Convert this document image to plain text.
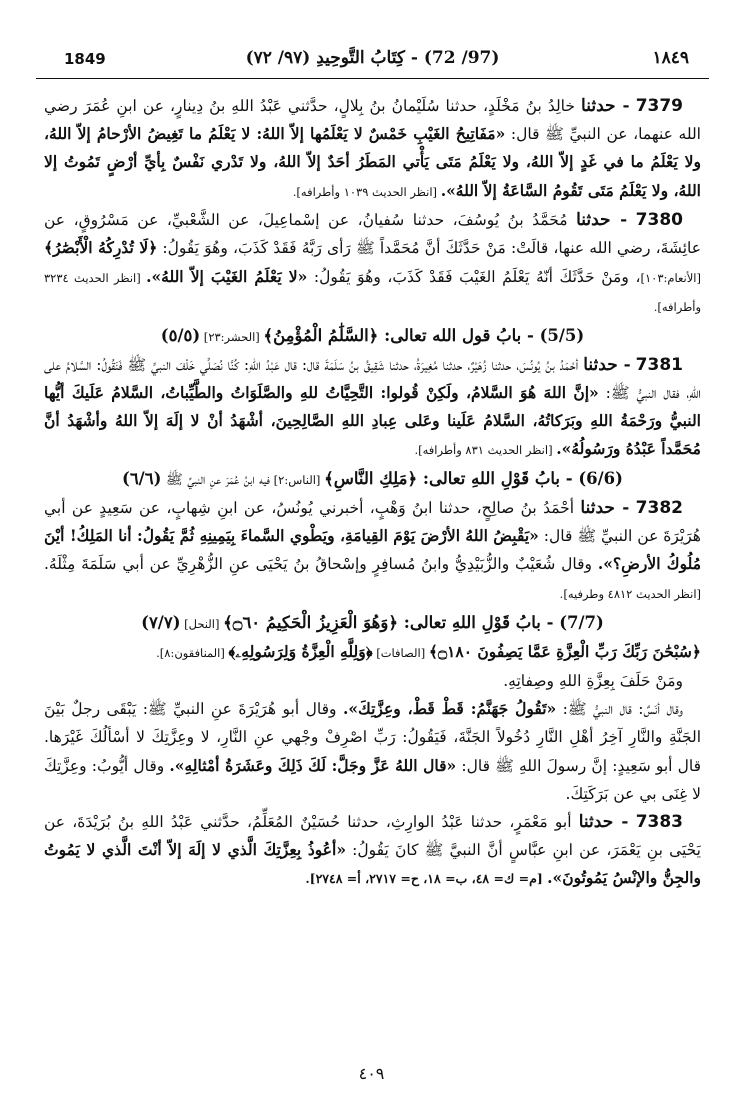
1849	(97/ 72) - كِتَابُ التَّوحِيدِ (٩٧/ ٧٢)	١٨٤٩

7379 - حدثنا خالِدُ بنُ مَخْلَدٍ، حدثنا سُلَيْمانُ بنُ بِلالٍ، حدَّثني عَبْدُ اللهِ بنُ دِينارٍ، عن ابنِ عُمَرَ رضي الله عنهما، عن النبيِّ ﷺ قال: «مَفَاتِيحُ الغَيْبِ خَمْسٌ لا يَعْلَمُها إلاّ اللهُ: لا يَعْلَمُ ما تَغِيضُ الأرْحامُ إلاّ اللهُ، ولا يَعْلَمُ ما في غَدٍ إلاّ اللهُ، ولا يَعْلَمُ مَتَى يَأْتي المَطَرُ أحَدٌ إلاّ اللهُ، ولا تَدْري نَفْسٌ بِأيِّ أرْضٍ تَمُوتُ إلا اللهُ، ولا يَعْلَمُ مَتَى تَقُومُ السَّاعَةُ إلاّ اللهُ». [انظر الحديث ١٠٣٩ وأطرافه].

7380 - حدثنا مُحَمَّدُ بنُ يُوسُفَ، حدثنا سُفيانُ، عن إسْماعِيلَ، عن الشَّعْبيِّ، عن مَسْرُوقٍ، عن عائِشَةَ، رضي الله عنها، قالَتْ: مَنْ حَدَّثَكَ أنَّ مُحَمَّداً ﷺ رَأى رَبَّهُ فَقَدْ كَذَبَ، وهُوَ يَقُولُ: ﴿لَا تُدْرِكُهُ الْأَبْصَٰرُ﴾ [الأنعام:١٠٣]، ومَنْ حَدَّثَكَ أنّهُ يَعْلَمُ الغَيْبَ فَقَدْ كَذَبَ، وهُوَ يَقُولُ: «لا يَعْلَمُ الغَيْبَ إلاّ اللهُ». [انظر الحديث ٣٢٣٤ وأطرافه].

(5/5) - بابُ قول الله تعالى: ﴿السَّلَٰمُ الْمُؤْمِنُ﴾ [الحشر:٢٣] (٥/٥)

7381 - حدثنا أحْمَدُ بنُ يُونُسَ، حدثنا زُهَيْرٌ، حدثنا مُغِيرَةُ، حدثنا شَقِيقُ بنُ سَلَمَةَ قال: قال عَبْدُ اللهِ: كُنَّا نُصَلِّي خَلْفَ النبيِّ ﷺ فَنَقُولُ: السَّلامُ على اللهِ، فقال النبيُّ ﷺ: «إنَّ اللهَ هُوَ السَّلامُ، ولَكِنْ قُولوا: التَّحِيَّاتُ للهِ والصَّلَوَاتُ والطَّيِّباتُ، السَّلامُ عَلَيكَ أيُّها النبيُّ ورَحْمَةُ اللهِ وبَرَكاتُهُ، السَّلامُ عَلَينا وعَلى عِبادِ اللهِ الصَّالِحِينَ، أشْهَدُ أنْ لا إلَهَ إلاّ اللهُ وأشْهَدُ أنَّ مُحَمَّداً عَبْدُهُ ورَسُولُهُ». [انظر الحديث ٨٣١ وأطرافه].

(6/6) - بابُ قَوْلِ اللهِ تعالى: ﴿مَلِكِ النَّاسِ﴾ [الناس:٢] فيه ابنُ عُمَرَ عنِ النبيِّ ﷺ (٦/٦)

7382 - حدثنا أحْمَدُ بنُ صالِحٍ، حدثنا ابنُ وَهْبٍ، أخبرني يُونُسُ، عن ابنِ شِهابٍ، عن سَعِيدٍ عن أبي هُرَيْرَةَ عن النبيِّ ﷺ قال: «يَقْبِضُ اللهُ الأرْضَ يَوْمَ القِيامَةِ، ويَطْوي السَّماءَ بِيَمِينِهِ ثُمَّ يَقُولُ: أنا المَلِكُ! أيْنَ مُلُوكُ الأرضِ؟». وقال شُعَيْبٌ والزُّبَيْدِيُّ وابنُ مُسافِرٍ وإسْحاقُ بنُ يَحْيَى عنِ الزُّهْرِيِّ عن أبي سَلَمَةَ مِثْلَهُ. [انظر الحديث ٤٨١٢ وطرفيه].

(7/7) - بابُ قَوْلِ اللهِ تعالى: ﴿وَهُوَ الْعَزِيزُ الْحَكِيمُ ۝٦٠﴾ [النحل] (٧/٧)

﴿سُبْحَٰنَ رَبِّكَ رَبِّ الْعِزَّةِ عَمَّا يَصِفُونَ ۝١٨٠﴾ [الصافات] ﴿وَلِلَّهِ الْعِزَّةُ وَلِرَسُولِهِۦ﴾ [المنافقون:٨].

ومَنْ حَلَفَ بِعِزَّةِ اللهِ وصِفاتِهِ.

وقال أنَسٌ: قال النبيُّ ﷺ: «تَقُولُ جَهَنَّمُ: قَطْ قَطْ، وعِزَّتِكَ». وقال أبو هُرَيْرَةَ عنِ النبيِّ ﷺ: يَبْقَى رجلٌ بَيْنَ الجَنَّةِ والنَّارِ آخِرُ أهْلِ النَّارِ دُخُولاً الجَنَّةَ، فَيَقُولُ: رَبِّ اصْرِفْ وجْهي عنِ النَّارِ، لا وعِزَّتِكَ لا أسْألُكَ غَيْرَها. قال أبو سَعِيدٍ: إنَّ رسولَ اللهِ ﷺ قال: «قال اللهُ عَزَّ وجَلَّ: لَكَ ذَلِكَ وعَشَرَةُ أمْثالِهِ». وقال أيُّوبُ: وعِزَّتِكَ لا غِنَى بي عن بَرَكَتِكَ.

7383 - حدثنا أبو مَعْمَرٍ، حدثنا عَبْدُ الوارِثِ، حدثنا حُسَيْنٌ المُعَلِّمُ، حدَّثني عَبْدُ اللهِ بنُ بُرَيْدَةَ، عن يَحْيَى بنِ يَعْمَرَ، عن ابنِ عبَّاسٍ أنَّ النبيَّ ﷺ كانَ يَقُولُ: «أعُوذُ بِعِزَّتِكَ الَّذي لا إلَهَ إلاّ أنْتَ الَّذي لا يَمُوتُ والجِنُّ والإنْسُ يَمُوتُونَ». [م= ك= ٤٨، ب= ١٨، ح= ٢٧١٧، أ= ٢٧٤٨].

٤٠٩
